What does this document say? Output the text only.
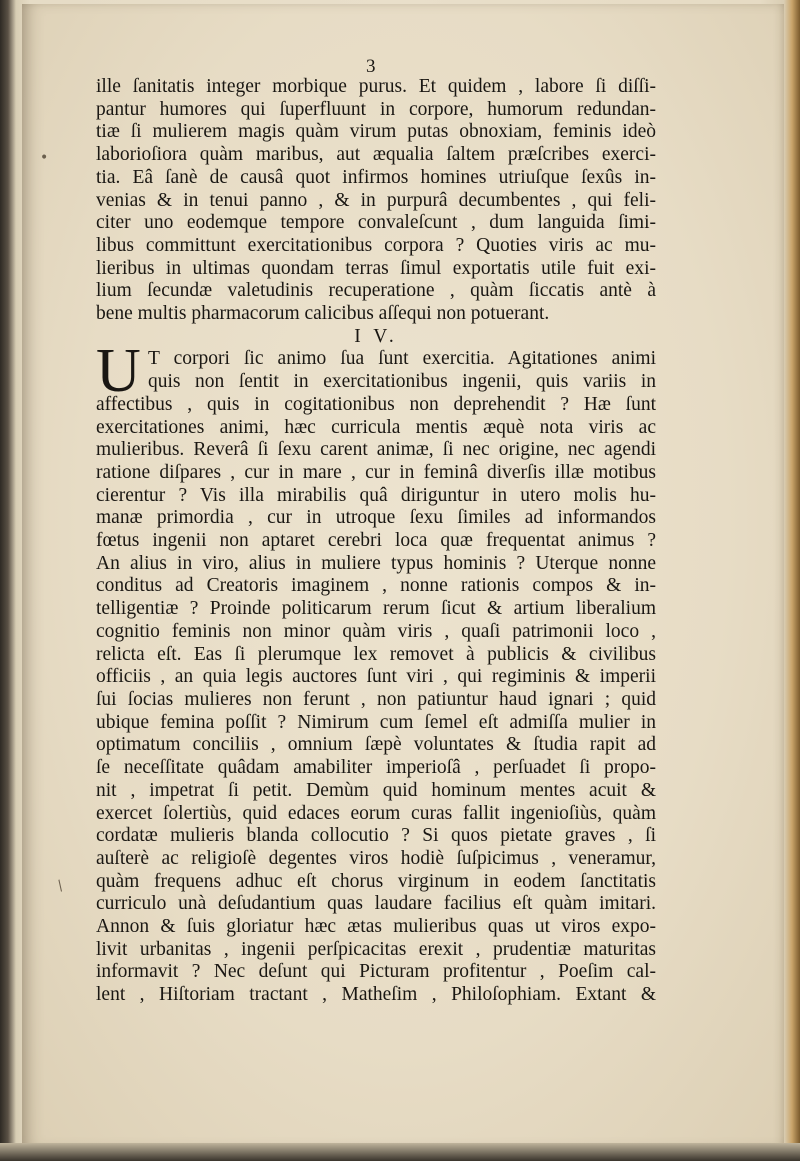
3
•
/
U
ille ſanitatis integer morbique purus. Et quidem , labore ſi diſſi-
pantur humores qui ſuperfluunt in corpore, humorum redundan-
tiæ ſi mulierem magis quàm virum putas obnoxiam, feminis ideò
laborioſiora quàm maribus, aut æqualia ſaltem præſcribes exerci-
tia. Eâ ſanè de causâ quot infirmos homines utriuſque ſexûs in-
venias & in tenui panno , & in purpurâ decumbentes , qui feli-
citer uno eodemque tempore convaleſcunt , dum languida ſimi-
libus committunt exercitationibus corpora ? Quoties viris ac mu-
lieribus in ultimas quondam terras ſimul exportatis utile fuit exi-
lium ſecundæ valetudinis recuperatione , quàm ſiccatis antè à
bene multis pharmacorum calicibus aſſequi non potuerant.
I V.
T corpori ſic animo ſua ſunt exercitia. Agitationes animi
quis non ſentit in exercitationibus ingenii, quis variis in
affectibus , quis in cogitationibus non deprehendit ? Hæ ſunt
exercitationes animi, hæc curricula mentis æquè nota viris ac
mulieribus. Reverâ ſi ſexu carent animæ, ſi nec origine, nec agendi
ratione diſpares , cur in mare , cur in feminâ diverſis illæ motibus
cierentur ? Vis illa mirabilis quâ diriguntur in utero molis hu-
manæ primordia , cur in utroque ſexu ſimiles ad informandos
fœtus ingenii non aptaret cerebri loca quæ frequentat animus ?
An alius in viro, alius in muliere typus hominis ? Uterque nonne
conditus ad Creatoris imaginem , nonne rationis compos & in-
telligentiæ ? Proinde politicarum rerum ſicut & artium liberalium
cognitio feminis non minor quàm viris , quaſi patrimonii loco ,
relicta eſt. Eas ſi plerumque lex removet à publicis & civilibus
officiis , an quia legis auctores ſunt viri , qui regiminis & imperii
ſui ſocias mulieres non ferunt , non patiuntur haud ignari ; quid
ubique femina poſſit ? Nimirum cum ſemel eſt admiſſa mulier in
optimatum conciliis , omnium ſæpè voluntates & ſtudia rapit ad
ſe neceſſitate quâdam amabiliter imperioſâ , perſuadet ſi propo-
nit , impetrat ſi petit. Demùm quid hominum mentes acuit &
exercet ſolertiùs, quid edaces eorum curas fallit ingenioſiùs, quàm
cordatæ mulieris blanda collocutio ? Si quos pietate graves , ſi
auſterè ac religioſè degentes viros hodiè ſuſpicimus , veneramur,
quàm frequens adhuc eſt chorus virginum in eodem ſanctitatis
curriculo unà deſudantium quas laudare facilius eſt quàm imitari.
Annon & ſuis gloriatur hæc ætas mulieribus quas ut viros expo-
livit urbanitas , ingenii perſpicacitas erexit , prudentiæ maturitas
informavit ? Nec deſunt qui Picturam profitentur , Poeſim cal-
lent , Hiſtoriam tractant , Matheſim , Philoſophiam. Extant &
